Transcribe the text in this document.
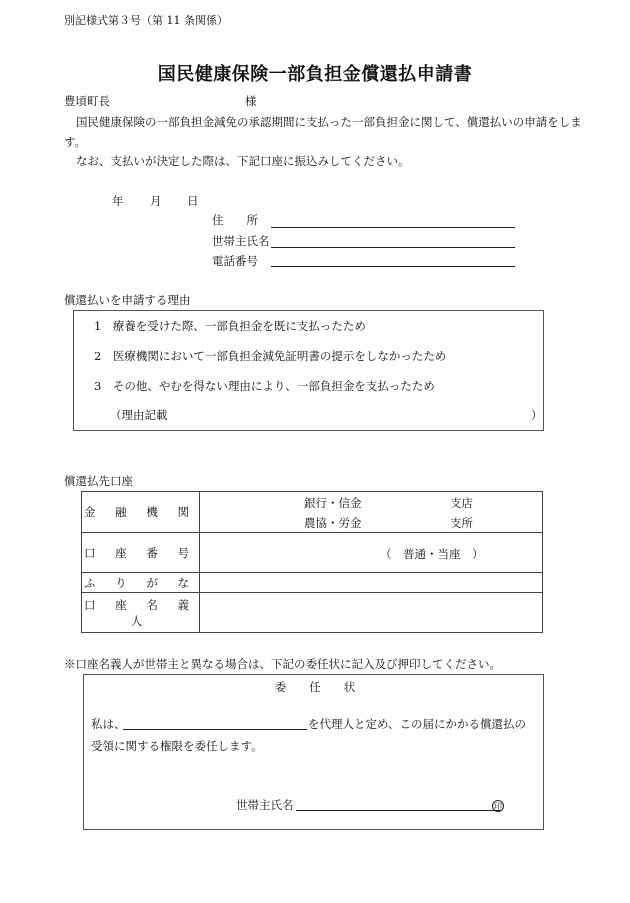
別記様式第３号（第 11 条関係）
国民健康保険一部負担金償還払申請書
豊頃町長	様
国民健康保険の一部負担金減免の承認期間に支払った一部負担金に関して、償還払いの申請をします。
なお、支払いが決定した際は、下記口座に振込みしてください。
年 月 日
住　　所
世帯主氏名
電話番号
償還払いを申請する理由
1　療養を受けた際、一部負担金を既に支払ったため
2　医療機関において一部負担金減免証明書の提示をしなかったため
3　その他、やむを得ない理由により、一部負担金を支払ったため
（理由記載	）
償還払先口座
金 融 機 関	銀行・信金 支店
農協・労金 支所

口 座 番 号	（　普通・当座　）

ふ り が な	
口 座 名 義 人	
※口座名義人が世帯主と異なる場合は、下記の委任状に記入及び押印してください。
委　　任　　状
私は、	を代理人と定め、この届にかかる償還払の
受領に関する権限を委任します。
世帯主氏名	印
